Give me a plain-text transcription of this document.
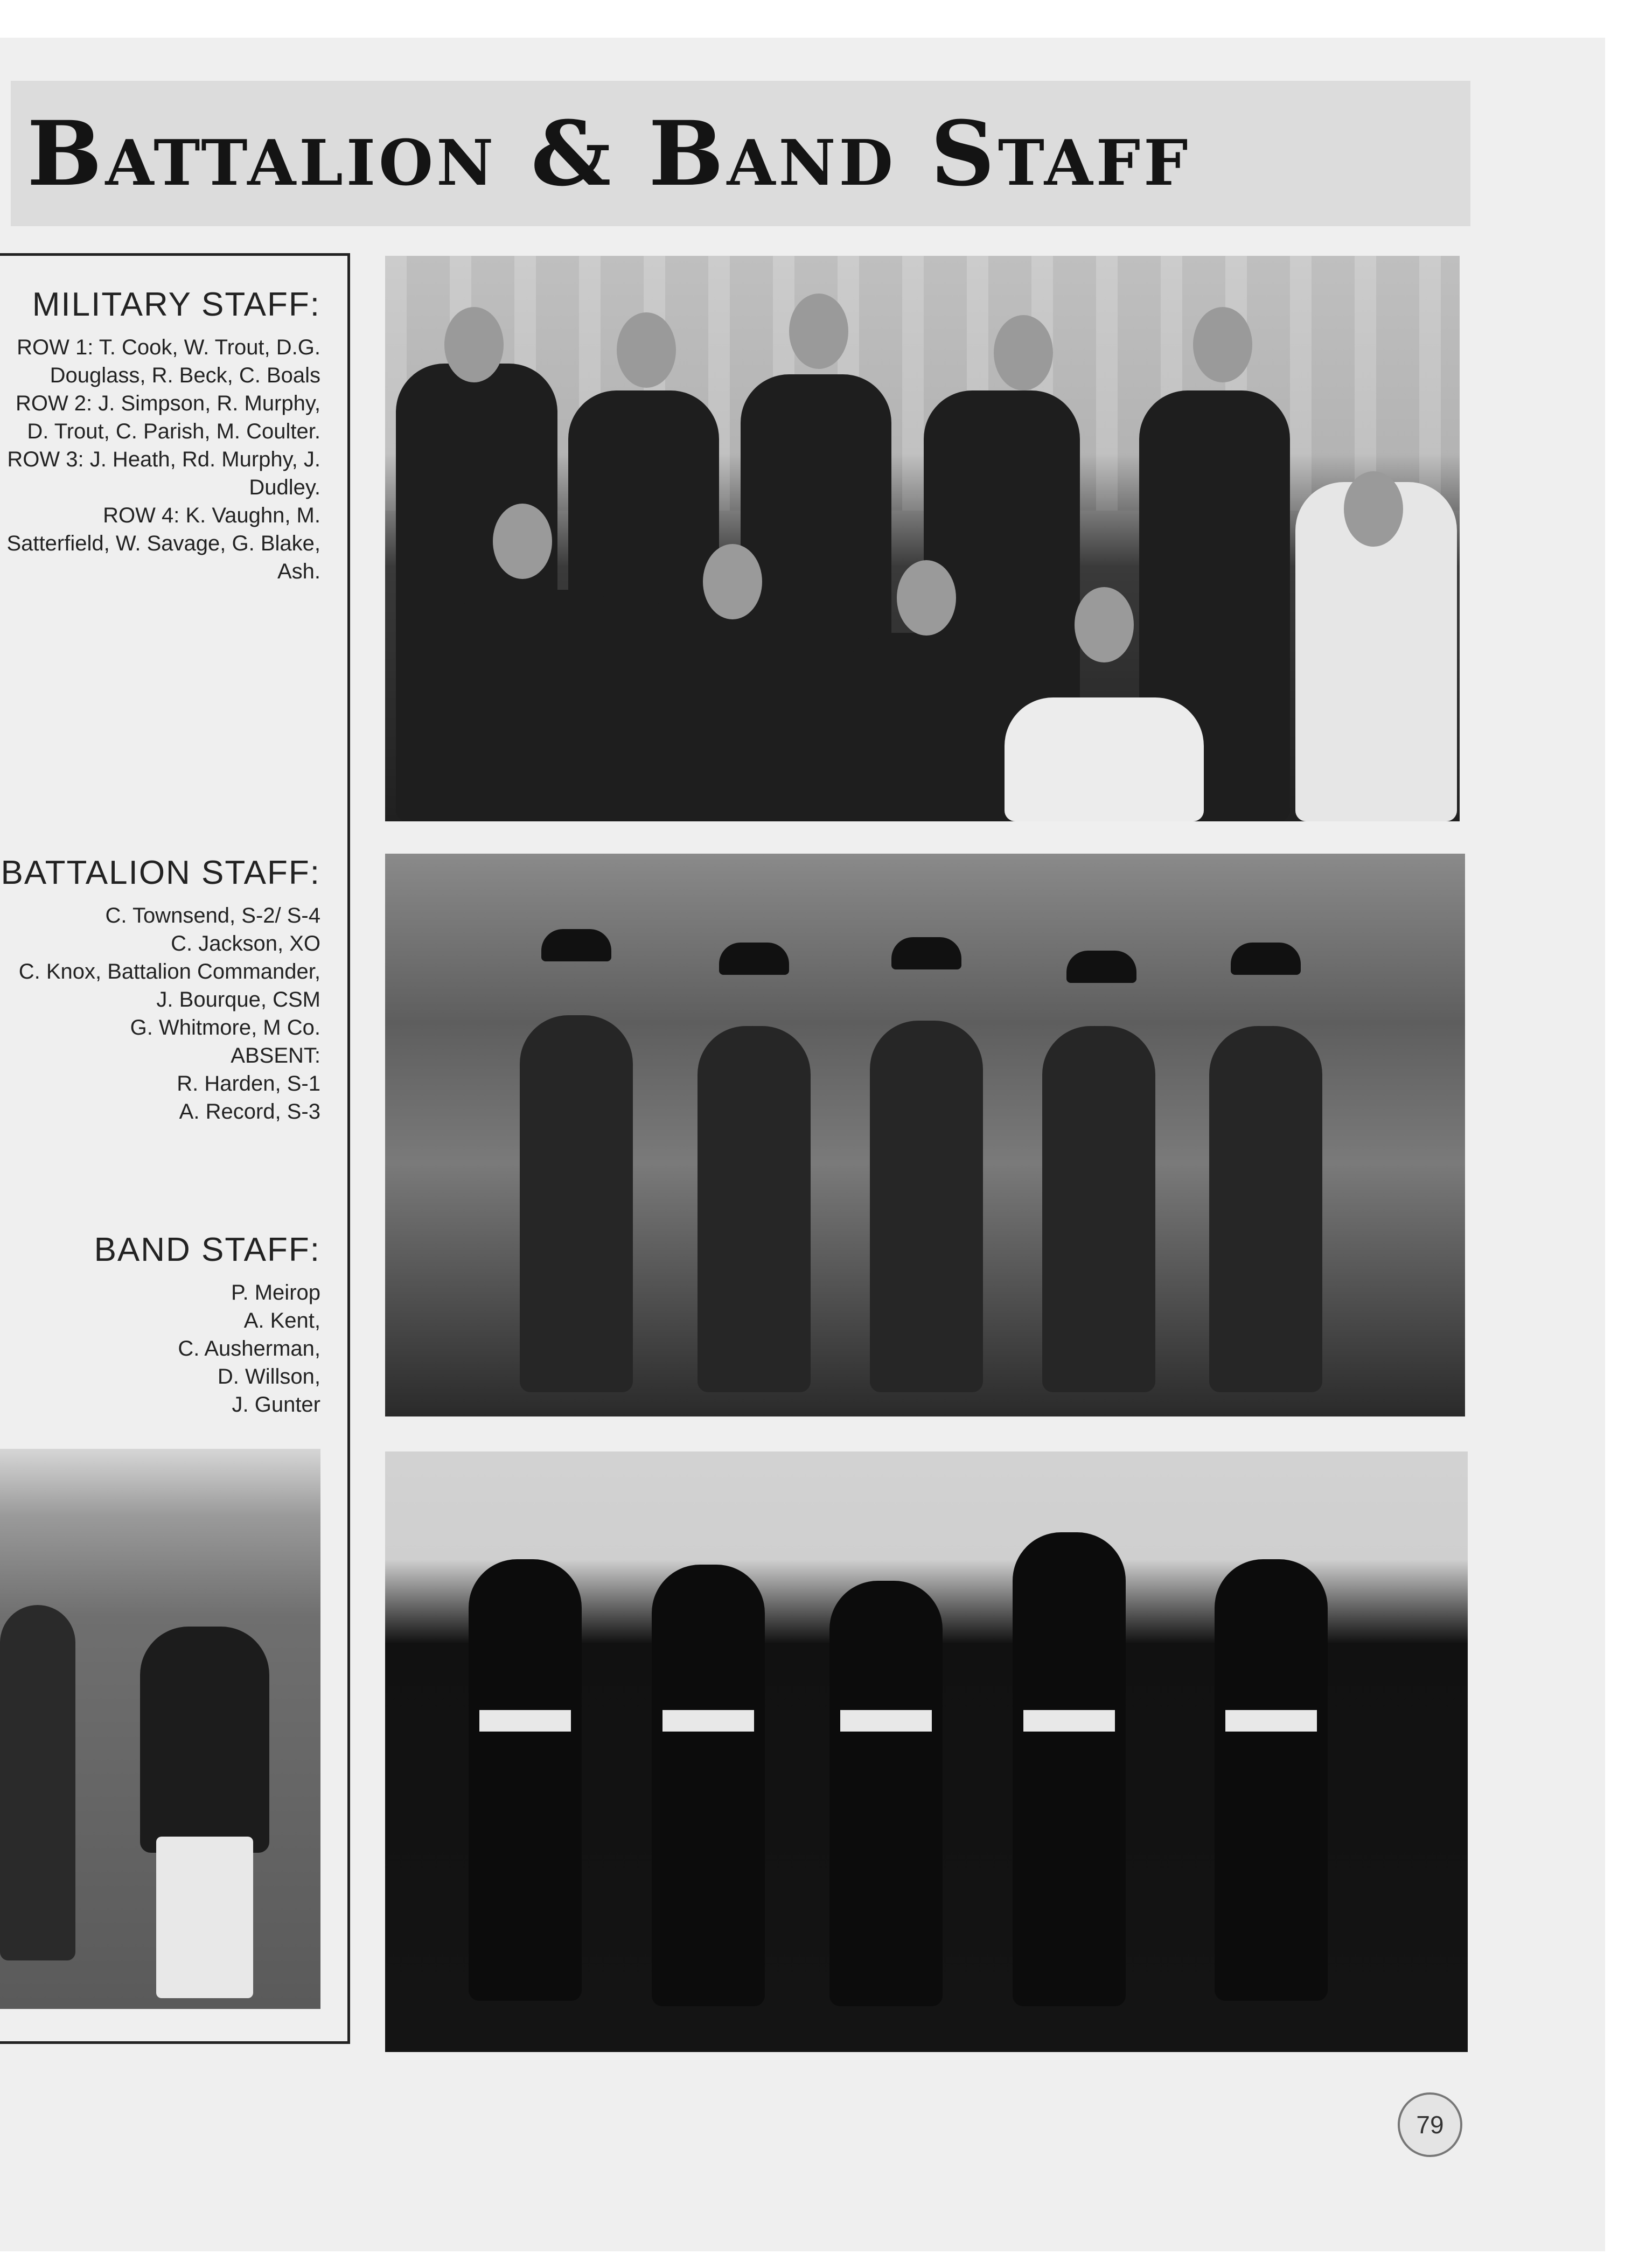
Battalion & Band Staff
MILITARY STAFF:
ROW 1: T. Cook, W. Trout, D.G.
Douglass, R. Beck, C. Boals
ROW 2: J. Simpson, R. Murphy,
D. Trout, C. Parish, M. Coulter.
ROW 3: J. Heath, Rd. Murphy, J.
Dudley.
ROW 4: K. Vaughn, M.
Satterfield, W. Savage, G. Blake,
Ash.
BATTALION STAFF:
C. Townsend, S-2/ S-4
C. Jackson, XO
C. Knox, Battalion Commander,
J. Bourque, CSM
G. Whitmore, M Co.
ABSENT:
R. Harden, S-1
A. Record, S-3
BAND STAFF:
P. Meirop
A. Kent,
C. Ausherman,
D. Willson,
J. Gunter
79
